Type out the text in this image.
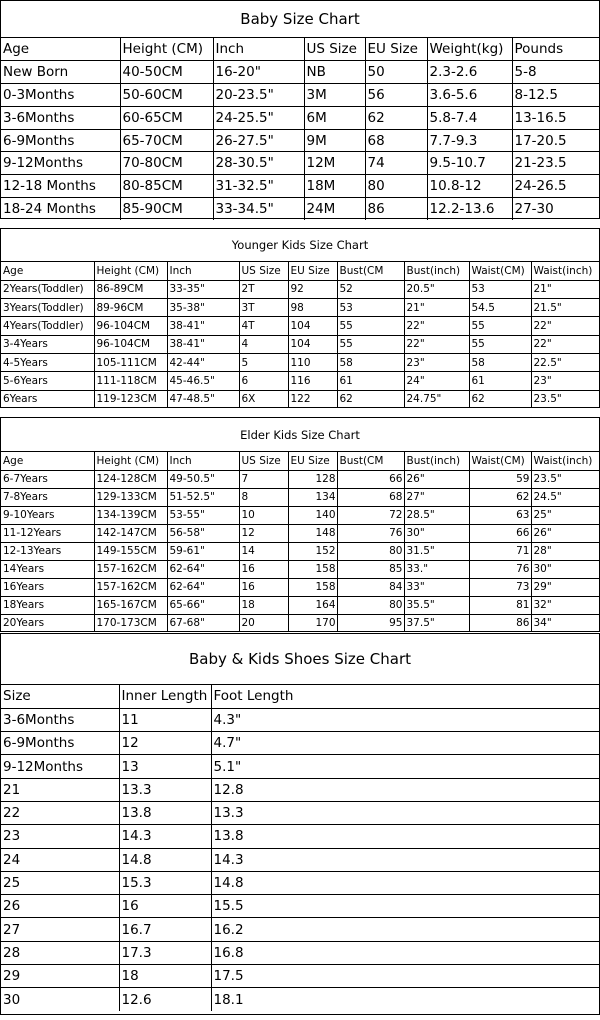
Baby Size Chart
Age	Height (CM)	Inch	US Size	EU Size	Weight(kg)	Pounds
New Born	40-50CM	16-20"	NB	50	2.3-2.6	5-8
0-3Months	50-60CM	20-23.5"	3M	56	3.6-5.6	8-12.5
3-6Months	60-65CM	24-25.5"	6M	62	5.8-7.4	13-16.5
6-9Months	65-70CM	26-27.5"	9M	68	7.7-9.3	17-20.5
9-12Months	70-80CM	28-30.5"	12M	74	9.5-10.7	21-23.5
12-18 Months	80-85CM	31-32.5"	18M	80	10.8-12	24-26.5
18-24 Months	85-90CM	33-34.5"	24M	86	12.2-13.6	27-30
Younger Kids Size Chart
Age	Height (CM)	Inch	US Size	EU Size	Bust(CM	Bust(inch)	Waist(CM)	Waist(inch)
2Years(Toddler)	86-89CM	33-35"	2T	92	52	20.5"	53	21"
3Years(Toddler)	89-96CM	35-38"	3T	98	53	21"	54.5	21.5"
4Years(Toddler)	96-104CM	38-41"	4T	104	55	22"	55	22"
3-4Years	96-104CM	38-41"	4	104	55	22"	55	22"
4-5Years	105-111CM	42-44"	5	110	58	23"	58	22.5"
5-6Years	111-118CM	45-46.5"	6	116	61	24"	61	23"
6Years	119-123CM	47-48.5"	6X	122	62	24.75"	62	23.5"
Elder Kids Size Chart
Age	Height (CM)	Inch	US Size	EU Size	Bust(CM	Bust(inch)	Waist(CM)	Waist(inch)
6-7Years	124-128CM	49-50.5"	7	128	66	26"	59	23.5"
7-8Years	129-133CM	51-52.5"	8	134	68	27"	62	24.5"
9-10Years	134-139CM	53-55"	10	140	72	28.5"	63	25"
11-12Years	142-147CM	56-58"	12	148	76	30"	66	26"
12-13Years	149-155CM	59-61"	14	152	80	31.5"	71	28"
14Years	157-162CM	62-64"	16	158	85	33."	76	30"
16Years	157-162CM	62-64"	16	158	84	33"	73	29"
18Years	165-167CM	65-66"	18	164	80	35.5"	81	32"
20Years	170-173CM	67-68"	20	170	95	37.5"	86	34"
Baby & Kids Shoes Size Chart
Size	Inner Length	Foot Length
3-6Months	11	4.3"
6-9Months	12	4.7"
9-12Months	13	5.1"
21	13.3	12.8
22	13.8	13.3
23	14.3	13.8
24	14.8	14.3
25	15.3	14.8
26	16	15.5
27	16.7	16.2
28	17.3	16.8
29	18	17.5
30	12.6	18.1
